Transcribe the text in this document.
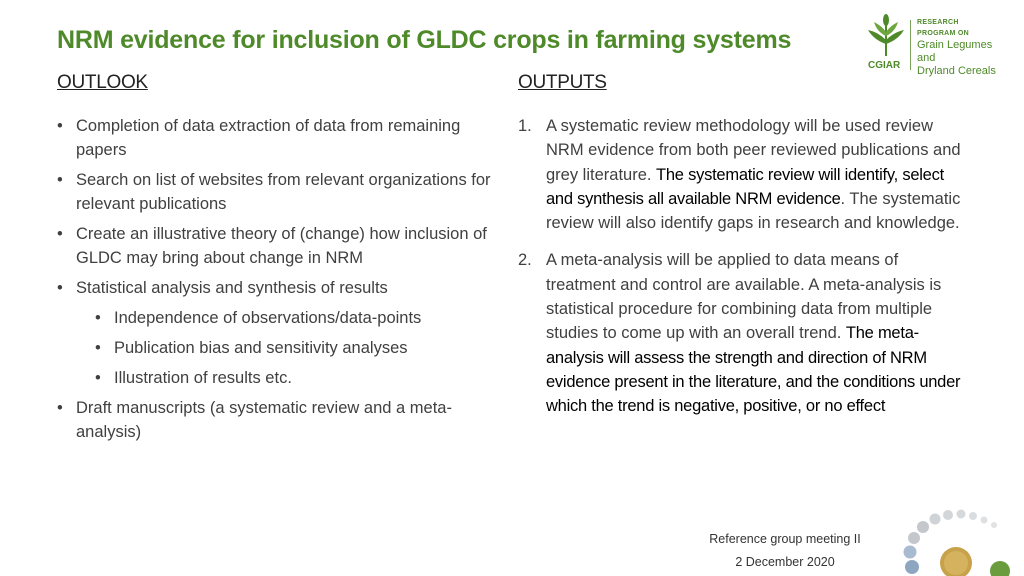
NRM evidence for inclusion of GLDC crops in farming systems
CGIAR
RESEARCH
PROGRAM ON
Grain Legumes and
Dryland Cereals
OUTLOOK	OUTPUTS
• Completion of data extraction of data from remaining papers
• Search on list of websites from relevant organizations for relevant publications
• Create an illustrative theory of (change) how inclusion of GLDC may bring about change in NRM
• Statistical analysis and synthesis of results
• Independence of observations/data-points
• Publication bias and sensitivity analyses
• Illustration of results etc.
• Draft manuscripts (a systematic review and a meta-analysis)
1. A systematic review methodology will be used review NRM evidence from both peer reviewed publications and grey literature. The systematic review will identify, select and synthesis all available NRM evidence. The systematic review will also identify gaps in research and knowledge.
2. A meta-analysis will be applied to data means of treatment and control are available. A meta-analysis is statistical procedure for combining data from multiple studies to come up with an overall trend. The meta-analysis will assess the strength and direction of NRM evidence present in the literature, and the conditions under which the trend is negative, positive, or no effect
Reference group meeting II
2 December 2020
